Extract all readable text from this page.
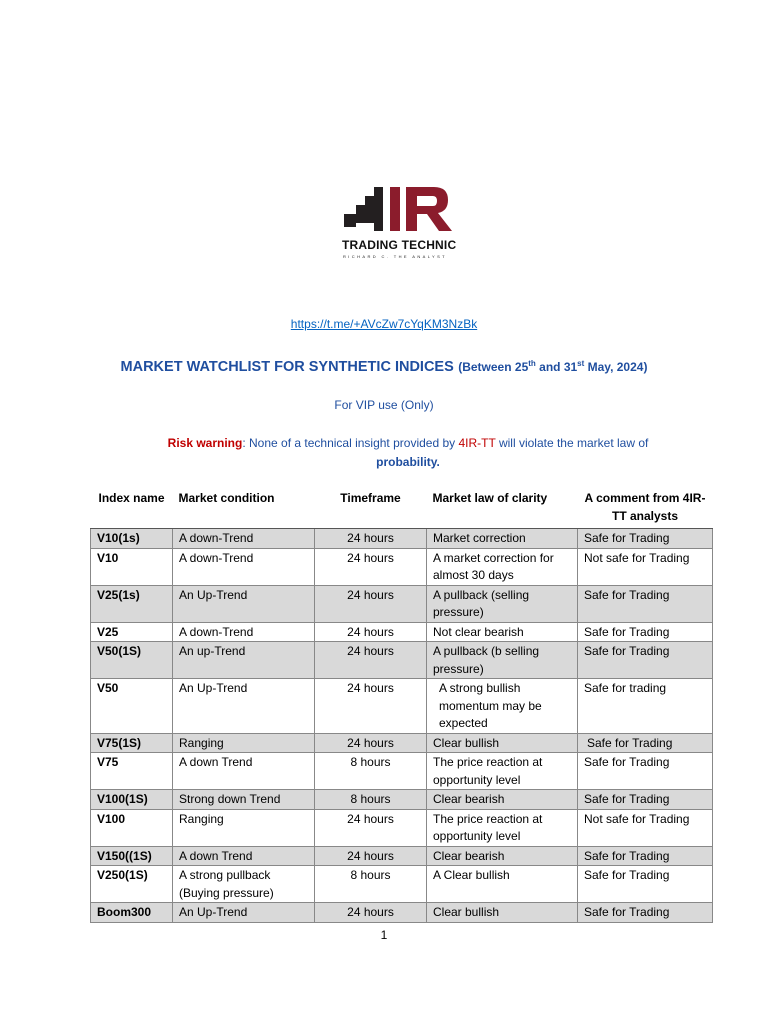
TRADING TECHNIC
RICHARD C. THE ANALYST
https://t.me/+AVcZw7cYqKM3NzBk
MARKET WATCHLIST FOR SYNTHETIC INDICES (Between 25th and 31st May, 2024)
For VIP use (Only)
Risk warning: None of a technical insight provided by 4IR-TT will violate the market law of
probability.
Index name	Market condition	Timeframe	Market law of clarity	A comment from 4IR-TT analysts
V10(1s)	A down-Trend	24 hours	Market correction	Safe for Trading
V10	A down-Trend	24 hours	A market correction for almost 30 days	Not safe for Trading
V25(1s)	An Up-Trend	24 hours	A pullback (selling pressure)	Safe for Trading
V25	A down-Trend	24 hours	Not clear bearish	Safe for Trading
V50(1S)	An up-Trend	24 hours	A pullback (b selling pressure)	Safe for Trading
V50	An Up-Trend	24 hours	A strong bullish momentum may be expected	Safe for trading
V75(1S)	Ranging	24 hours	Clear bullish	Safe for Trading
V75	A down Trend	8 hours	The price reaction at opportunity level	Safe for Trading
V100(1S)	Strong down Trend	8 hours	Clear bearish	Safe for Trading
V100	Ranging	24 hours	The price reaction at opportunity level	Not safe for Trading
V150((1S)	A down Trend	24 hours	Clear bearish	Safe for Trading
V250(1S)	A strong pullback (Buying pressure)	8 hours	A Clear bullish	Safe for Trading
Boom300	An Up-Trend	24 hours	Clear bullish	Safe for Trading
1
